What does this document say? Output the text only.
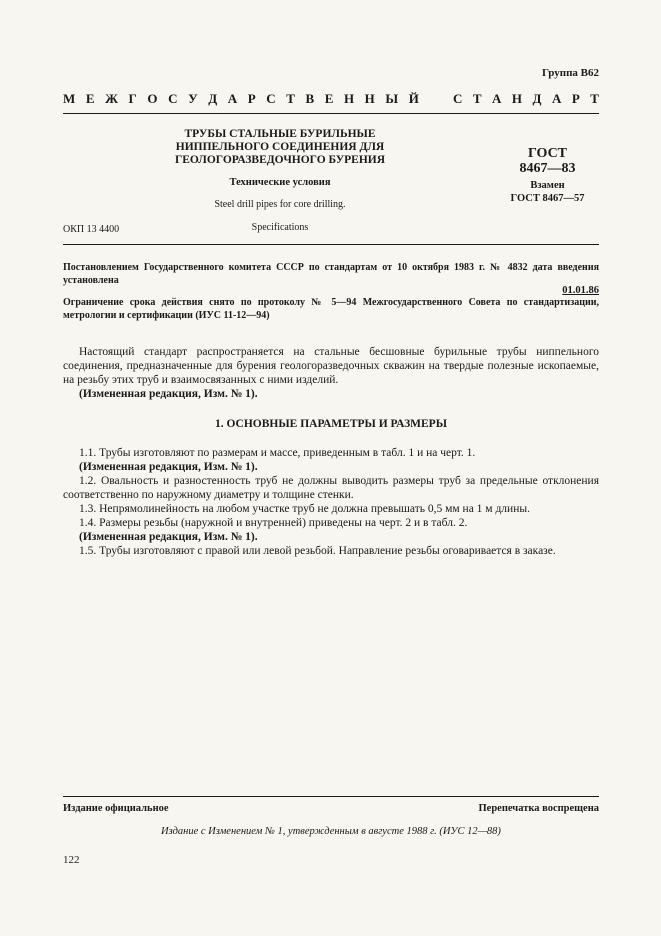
Группа В62
М Е Ж Г О С У Д А Р С Т В Е Н Н Ы Й	С Т А Н Д А Р Т
ТРУБЫ СТАЛЬНЫЕ БУРИЛЬНЫЕ
НИППЕЛЬНОГО СОЕДИНЕНИЯ ДЛЯ
ГЕОЛОГОРАЗВЕДОЧНОГО БУРЕНИЯ
Технические условия
Steel drill pipes for core drilling.
Specifications
ГОСТ
8467—83
Взамен
ГОСТ 8467—57
ОКП 13 4400
Постановлением Государственного комитета СССР по стандартам от 10 октября 1983 г. № 4832 дата введения установлена
01.01.86
Ограничение срока действия снято по протоколу № 5—94 Межгосударственного Совета по стандартизации, метрологии и сертификации (ИУС 11-12—94)

Настоящий стандарт распространяется на стальные бесшовные бурильные трубы ниппельного соединения, предназначенные для бурения геологоразведочных скважин на твердые полезные ископаемые, на резьбу этих труб и взаимосвязанных с ними изделий.

(Измененная редакция, Изм. № 1).

1. ОСНОВНЫЕ ПАРАМЕТРЫ И РАЗМЕРЫ

1.1. Трубы изготовляют по размерам и массе, приведенным в табл. 1 и на черт. 1.

(Измененная редакция, Изм. № 1).

1.2. Овальность и разностенность труб не должны выводить размеры труб за предельные отклонения соответственно по наружному диаметру и толщине стенки.

1.3. Непрямолинейность на любом участке труб не должна превышать 0,5 мм на 1 м длины.

1.4. Размеры резьбы (наружной и внутренней) приведены на черт. 2 и в табл. 2.

(Измененная редакция, Изм. № 1).

1.5. Трубы изготовляют с правой или левой резьбой. Направление резьбы оговаривается в заказе.

Издание официальное	Перепечатка воспрещена
Издание с Изменением № 1, утвержденным в августе 1988 г. (ИУС 12—88)
122
